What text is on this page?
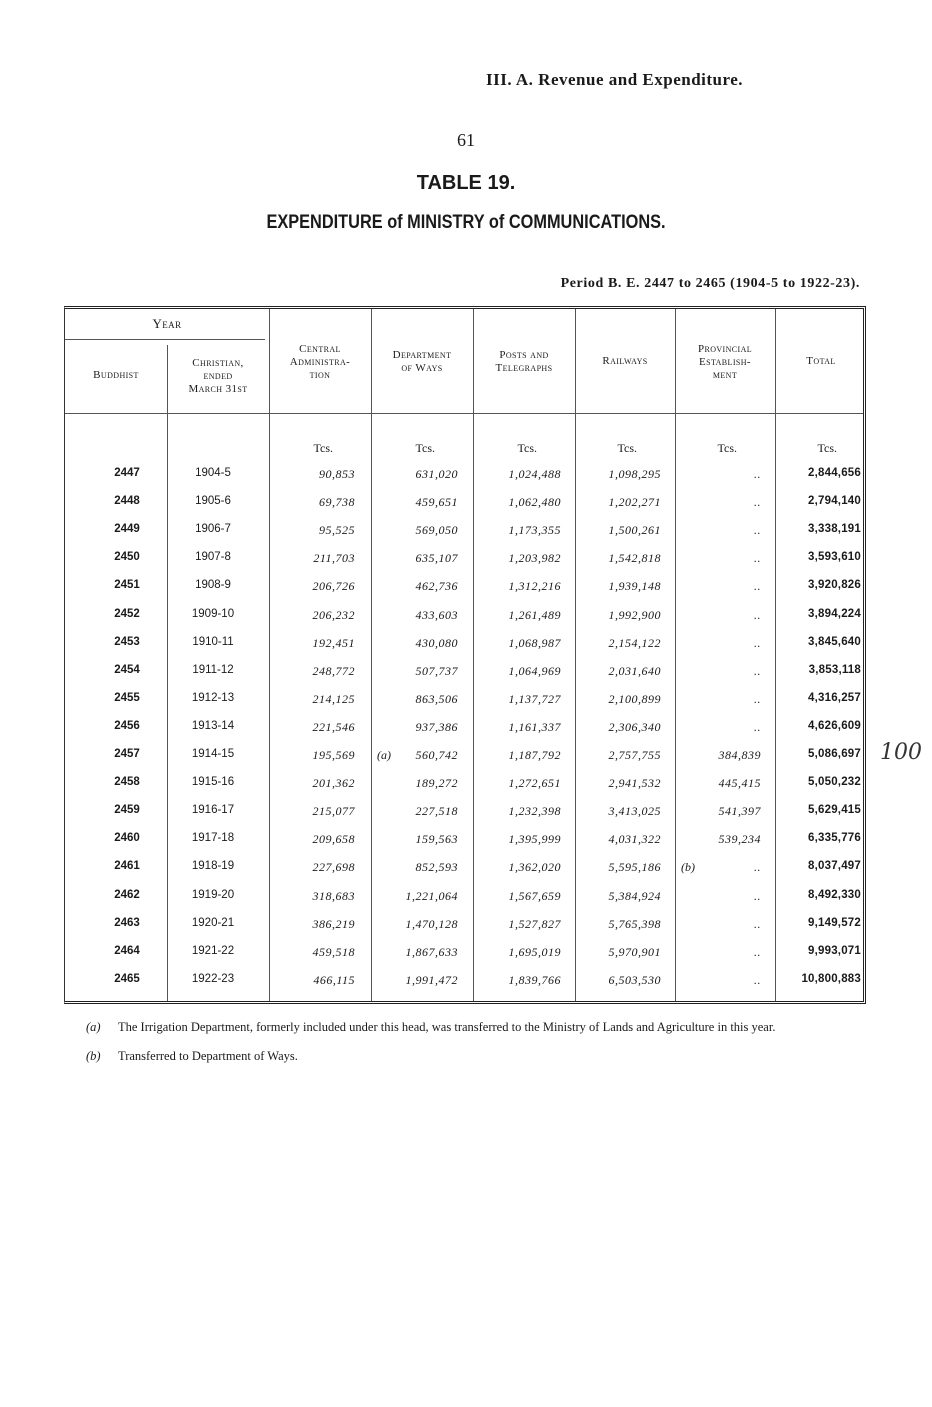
III. A. Revenue and Expenditure.
61
TABLE 19.
EXPENDITURE of MINISTRY of COMMUNICATIONS.
Period B. E. 2447 to 2465 (1904-5 to 1922-23).
Year
Buddhist
Christian,
ended
March 31st
Central
Administra-
tion
Department
of Ways
Posts and
Telegraphs
Railways
Provincial
Establish-
ment
Total
Tcs.	Tcs.	Tcs.	Tcs.	Tcs.	Tcs.
2447	1904-5	90,853	631,020	1,024,488	1,098,295	..	2,844,656
2448	1905-6	69,738	459,651	1,062,480	1,202,271	..	2,794,140
2449	1906-7	95,525	569,050	1,173,355	1,500,261	..	3,338,191
2450	1907-8	211,703	635,107	1,203,982	1,542,818	..	3,593,610
2451	1908-9	206,726	462,736	1,312,216	1,939,148	..	3,920,826
2452	1909-10	206,232	433,603	1,261,489	1,992,900	..	3,894,224
2453	1910-11	192,451	430,080	1,068,987	2,154,122	..	3,845,640
2454	1911-12	248,772	507,737	1,064,969	2,031,640	..	3,853,118
2455	1912-13	214,125	863,506	1,137,727	2,100,899	..	4,316,257
2456	1913-14	221,546	937,386	1,161,337	2,306,340	..	4,626,609
2457	1914-15	195,569	560,742	1,187,792	2,757,755	384,839	5,086,697
(a)
2458	1915-16	201,362	189,272	1,272,651	2,941,532	445,415	5,050,232
2459	1916-17	215,077	227,518	1,232,398	3,413,025	541,397	5,629,415
2460	1917-18	209,658	159,563	1,395,999	4,031,322	539,234	6,335,776
2461	1918-19	227,698	852,593	1,362,020	5,595,186	..	8,037,497
(b)
2462	1919-20	318,683	1,221,064	1,567,659	5,384,924	..	8,492,330
2463	1920-21	386,219	1,470,128	1,527,827	5,765,398	..	9,149,572
2464	1921-22	459,518	1,867,633	1,695,019	5,970,901	..	9,993,071
2465	1922-23	466,115	1,991,472	1,839,766	6,503,530	..	10,800,883
(a) The Irrigation Department, formerly included under this head, was transferred to the Ministry of Lands and Agriculture in this year.
(b) Transferred to Department of Ways.
100
